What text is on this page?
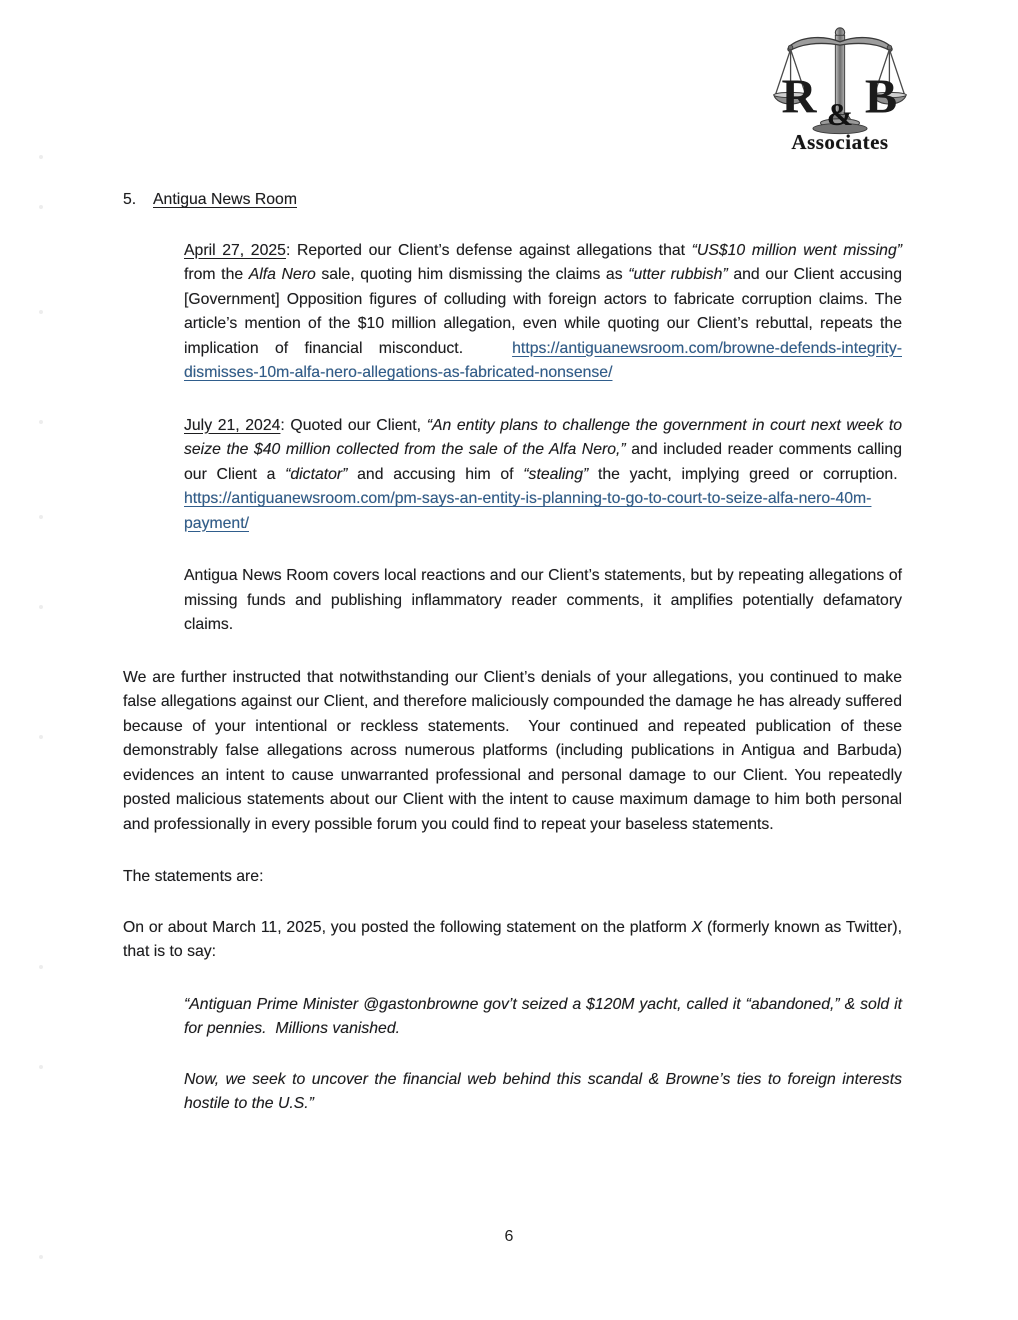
R B
&
Associates
5.	Antigua News Room

April 27, 2025: Reported our Client’s defense against allegations that “US$10 million went missing” from the Alfa Nero sale, quoting him dismissing the claims as “utter rubbish” and our Client accusing [Government] Opposition figures of colluding with foreign actors to fabricate corruption claims. The article’s mention of the $10 million allegation, even while quoting our Client’s rebuttal, repeats the implication of financial misconduct.   https://antiguanewsroom.com/browne-defends-integrity-dismisses-10m-alfa-nero-allegations-as-fabricated-nonsense/

July 21, 2024: Quoted our Client, “An entity plans to challenge the government in court next week to seize the $40 million collected from the sale of the Alfa Nero,” and included reader comments calling our Client a “dictator” and accusing him of “stealing” the yacht, implying greed or corruption.  https://antiguanewsroom.com/pm-says-an-entity-is-planning-to-go-to-court-to-seize-alfa-nero-40m-payment/

Antigua News Room covers local reactions and our Client’s statements, but by repeating allegations of missing funds and publishing inflammatory reader comments, it amplifies potentially defamatory claims.

We are further instructed that notwithstanding our Client’s denials of your allegations, you continued to make false allegations against our Client, and therefore maliciously compounded the damage he has already suffered because of your intentional or reckless statements.  Your continued and repeated publication of these demonstrably false allegations across numerous platforms (including publications in Antigua and Barbuda) evidences an intent to cause unwarranted professional and personal damage to our Client. You repeatedly posted malicious statements about our Client with the intent to cause maximum damage to him both personal and professionally in every possible forum you could find to repeat your baseless statements.

The statements are:

On or about March 11, 2025, you posted the following statement on the platform X (formerly known as Twitter), that is to say:

“Antiguan Prime Minister @gastonbrowne gov’t seized a $120M yacht, called it “abandoned,” & sold it for pennies.  Millions vanished.

Now, we seek to uncover the financial web behind this scandal & Browne’s ties to foreign interests hostile to the U.S.”

6
